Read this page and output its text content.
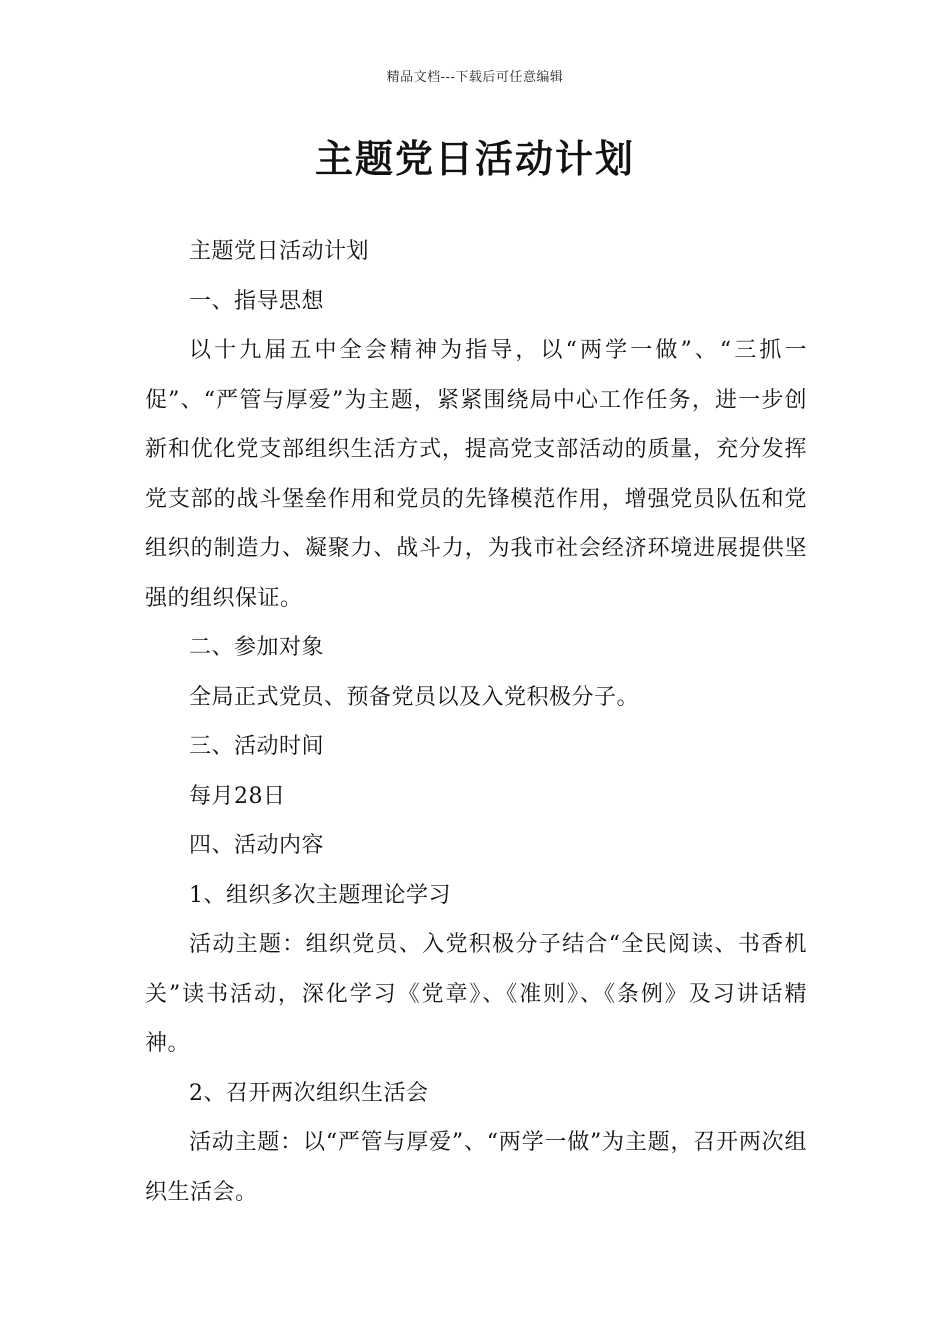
精品文档---下载后可任意编辑
主题党日活动计划

主题党日活动计划

一、指导思想

以十九届五中全会精神为指导，以“两学一做”、“三抓一促”、“严管与厚爱”为主题，紧紧围绕局中心工作任务，进一步创新和优化党支部组织生活方式，提高党支部活动的质量，充分发挥党支部的战斗堡垒作用和党员的先锋模范作用，增强党员队伍和党组织的制造力、凝聚力、战斗力，为我市社会经济环境进展提供坚强的组织保证。

二、参加对象

全局正式党员、预备党员以及入党积极分子。

三、活动时间

每月28日

四、活动内容

1、组织多次主题理论学习

活动主题：组织党员、入党积极分子结合“全民阅读、书香机关”读书活动，深化学习《党章》、《准则》、《条例》及习讲话精神。

2、召开两次组织生活会

活动主题：以“严管与厚爱”、“两学一做”为主题，召开两次组织生活会。
